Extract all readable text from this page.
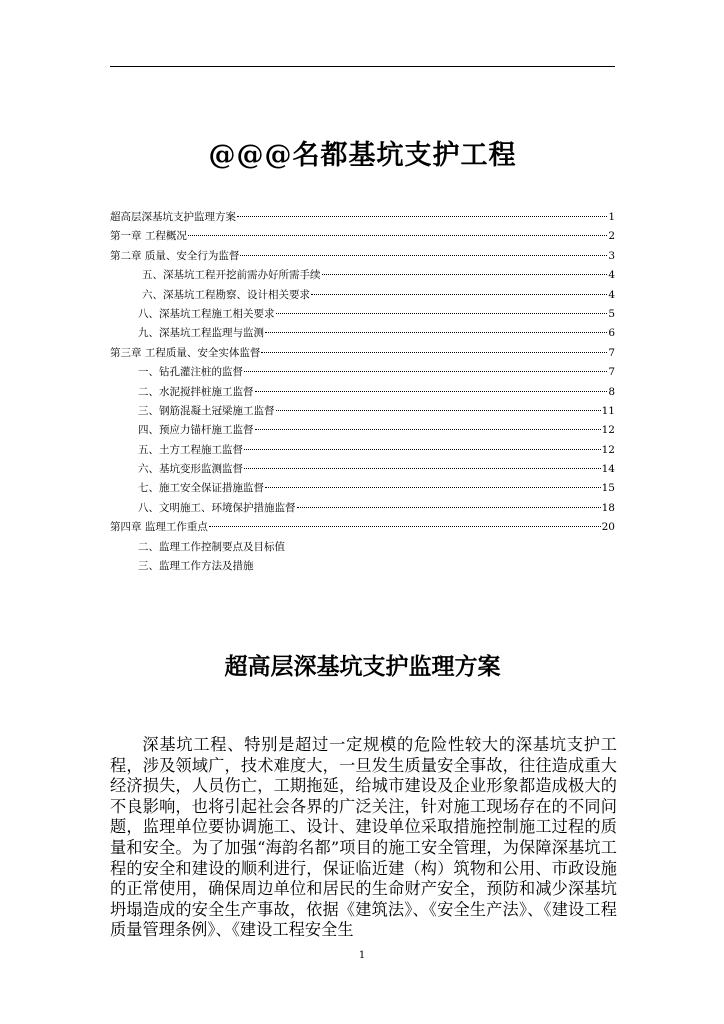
@@@名都基坑支护工程
超高层深基坑支护监理方案	1
第一章 工程概况	2
第二章 质量、安全行为监督	3
五、深基坑工程开挖前需办好所需手续	4
六、深基坑工程勘察、设计相关要求	4
八、深基坑工程施工相关要求	5
九、深基坑工程监理与监测	6
第三章 工程质量、安全实体监督	7
一、钻孔灌注桩的监督	7
二、水泥搅拌桩施工监督	8
三、钢筋混凝土冠梁施工监督	11
四、预应力锚杆施工监督	12
五、土方工程施工监督	12
六、基坑变形监测监督	14
七、施工安全保证措施监督	15
八、文明施工、环境保护措施监督	18
第四章 监理工作重点	20
二、监理工作控制要点及目标值
三、监理工作方法及措施
超高层深基坑支护监理方案
深基坑工程、特别是超过一定规模的危险性较大的深基坑支护工程，涉及领域广，技术难度大，一旦发生质量安全事故，往往造成重大经济损失，人员伤亡，工期拖延，给城市建设及企业形象都造成极大的不良影响，也将引起社会各界的广泛关注，针对施工现场存在的不同问题，监理单位要协调施工、设计、建设单位采取措施控制施工过程的质量和安全。为了加强“海韵名都”项目的施工安全管理，为保障深基坑工程的安全和建设的顺利进行，保证临近建（构）筑物和公用、市政设施的正常使用，确保周边单位和居民的生命财产安全，预防和减少深基坑坍塌造成的安全生产事故，依据《建筑法》、《安全生产法》、《建设工程质量管理条例》、《建设工程安全生
1
